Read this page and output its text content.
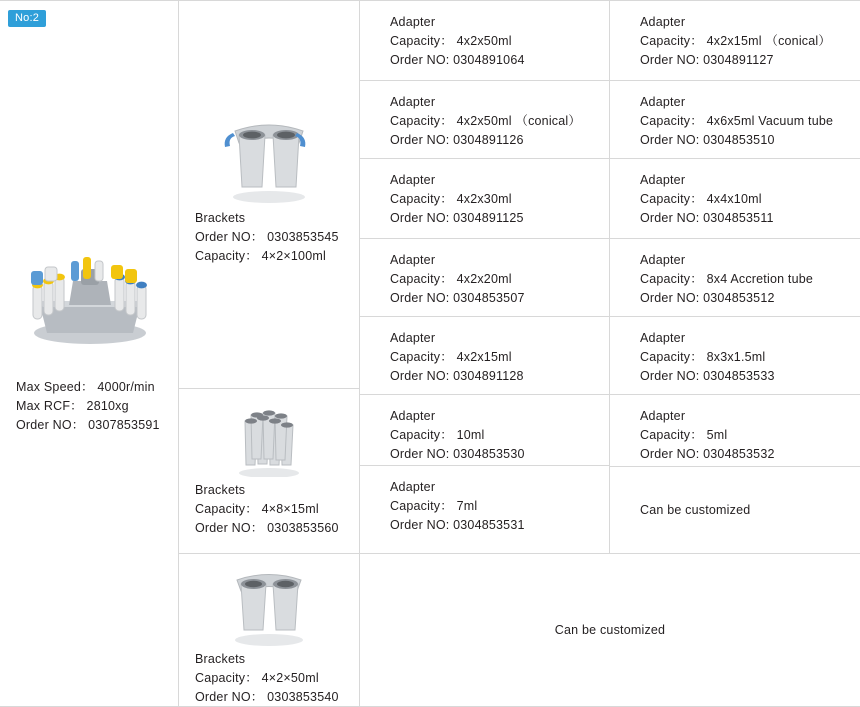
No:2
Max Speed： 4000r/min
Max RCF： 2810xg
Order NO： 0307853591
Brackets
Order NO： 0303853545
Capacity： 4×2×100ml
Brackets
Capacity： 4×8×15ml
Order NO： 0303853560
Brackets
Capacity： 4×2×50ml
Order NO： 0303853540
Adapter
Capacity： 4x2x50ml
Order NO: 0304891064
Adapter
Capacity： 4x2x50ml （conical）
Order NO: 0304891126
Adapter
Capacity： 4x2x30ml
Order NO: 0304891125
Adapter
Capacity： 4x2x20ml
Order NO: 0304853507
Adapter
Capacity： 4x2x15ml
Order NO: 0304891128
Adapter
Capacity： 10ml
Order NO: 0304853530
Adapter
Capacity： 7ml
Order NO: 0304853531
Adapter
Capacity： 4x2x15ml （conical）
Order NO: 0304891127
Adapter
Capacity： 4x6x5ml Vacuum tube
Order NO: 0304853510
Adapter
Capacity： 4x4x10ml
Order NO: 0304853511
Adapter
Capacity： 8x4 Accretion tube
Order NO: 0304853512
Adapter
Capacity： 8x3x1.5ml
Order NO: 0304853533
Adapter
Capacity： 5ml
Order NO: 0304853532
Can be customized
Can be customized
